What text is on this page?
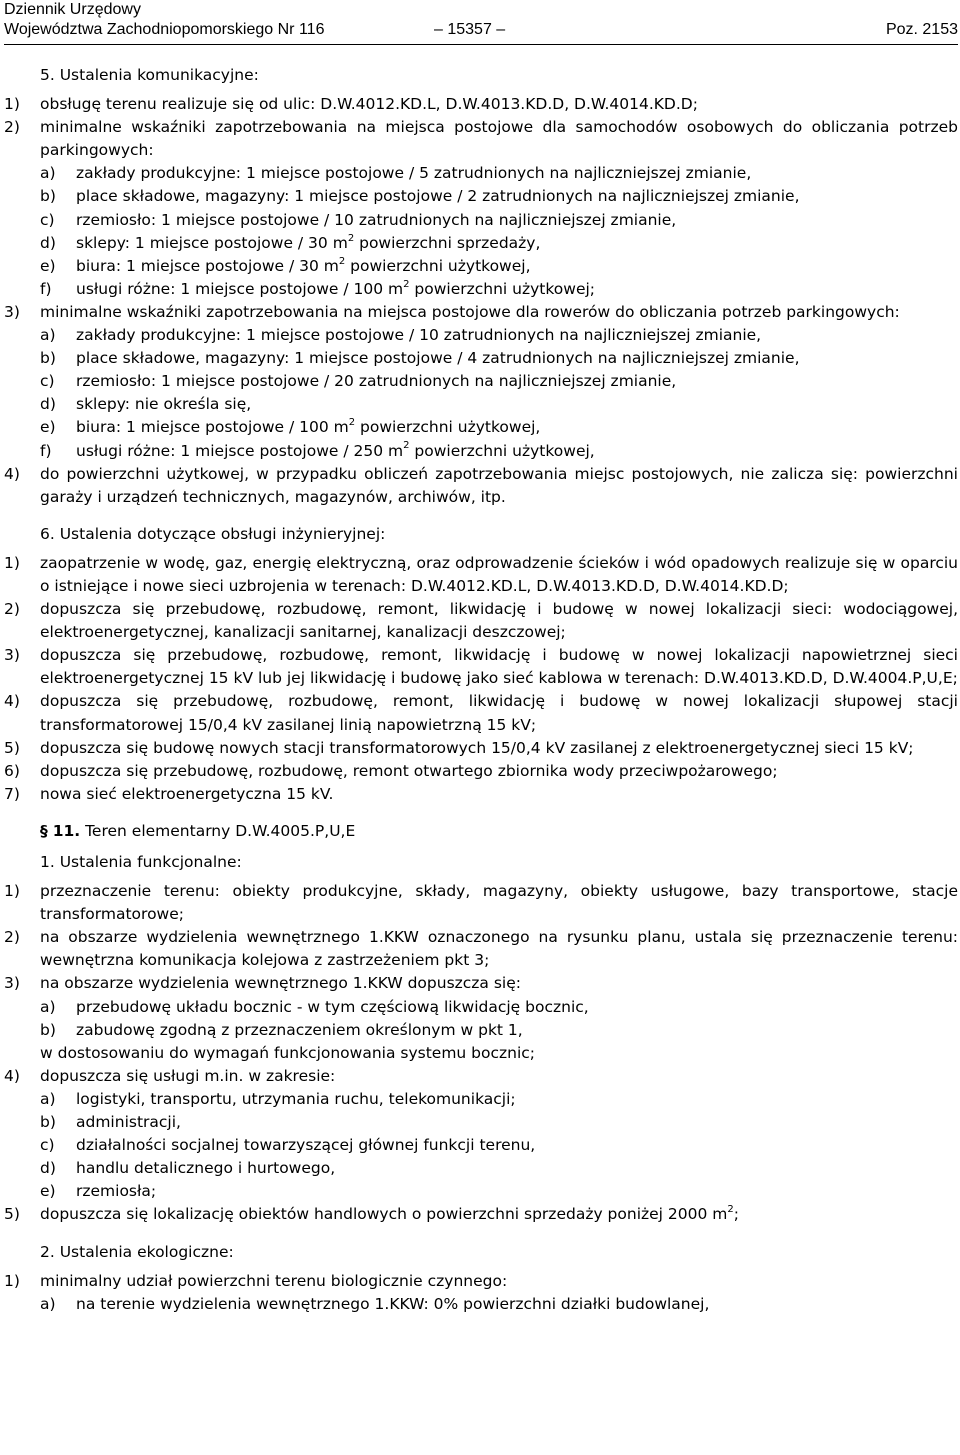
Dziennik Urzędowy
Województwa Zachodniopomorskiego Nr 116	– 15357 –	Poz. 2153
5. Ustalenia komunikacyjne:
1) obsługę terenu realizuje się od ulic: D.W.4012.KD.L, D.W.4013.KD.D, D.W.4014.KD.D;
2) minimalne wskaźniki zapotrzebowania na miejsca postojowe dla samochodów osobowych do obliczania potrzeb parkingowych:
a) zakłady produkcyjne: 1 miejsce postojowe / 5 zatrudnionych na najliczniejszej zmianie,
b) place składowe, magazyny: 1 miejsce postojowe / 2 zatrudnionych na najliczniejszej zmianie,
c) rzemiosło: 1 miejsce postojowe / 10 zatrudnionych na najliczniejszej zmianie,
d) sklepy: 1 miejsce postojowe / 30 $m^2$ powierzchni sprzedaży,
e) biura: 1 miejsce postojowe / 30 $m^2$ powierzchni użytkowej,
f) usługi różne: 1 miejsce postojowe / 100 $m^2$ powierzchni użytkowej;
3) minimalne wskaźniki zapotrzebowania na miejsca postojowe dla rowerów do obliczania potrzeb parkingowych:
a) zakłady produkcyjne: 1 miejsce postojowe / 10 zatrudnionych na najliczniejszej zmianie,
b) place składowe, magazyny: 1 miejsce postojowe / 4 zatrudnionych na najliczniejszej zmianie,
c) rzemiosło: 1 miejsce postojowe / 20 zatrudnionych na najliczniejszej zmianie,
d) sklepy: nie określa się,
e) biura: 1 miejsce postojowe / 100 $m^2$ powierzchni użytkowej,
f) usługi różne: 1 miejsce postojowe / 250 $m^2$ powierzchni użytkowej,
4) do powierzchni użytkowej, w przypadku obliczeń zapotrzebowania miejsc postojowych, nie zalicza się: powierzchni garaży i urządzeń technicznych, magazynów, archiwów, itp.
6. Ustalenia dotyczące obsługi inżynieryjnej:
1) zaopatrzenie w wodę, gaz, energię elektryczną, oraz odprowadzenie ścieków i wód opadowych realizuje się w oparciu o istniejące i nowe sieci uzbrojenia w terenach: D.W.4012.KD.L, D.W.4013.KD.D, D.W.4014.KD.D;
2) dopuszcza się przebudowę, rozbudowę, remont, likwidację i budowę w nowej lokalizacji sieci: wodociągowej, elektroenergetycznej, kanalizacji sanitarnej, kanalizacji deszczowej;
3) dopuszcza się przebudowę, rozbudowę, remont, likwidację i budowę w nowej lokalizacji napowietrznej sieci elektroenergetycznej 15 kV lub jej likwidację i budowę jako sieć kablowa w terenach: D.W.4013.KD.D, D.W.4004.P,U,E;
4) dopuszcza się przebudowę, rozbudowę, remont, likwidację i budowę w nowej lokalizacji słupowej stacji transformatorowej 15/0,4 kV zasilanej linią napowietrzną 15 kV;
5) dopuszcza się budowę nowych stacji transformatorowych 15/0,4 kV zasilanej z elektroenergetycznej sieci 15 kV;
6) dopuszcza się przebudowę, rozbudowę, remont otwartego zbiornika wody przeciwpożarowego;
7) nowa sieć elektroenergetyczna 15 kV.
§ 11. Teren elementarny D.W.4005.P,U,E
1. Ustalenia funkcjonalne:
1) przeznaczenie terenu: obiekty produkcyjne, składy, magazyny, obiekty usługowe, bazy transportowe, stacje transformatorowe;
2) na obszarze wydzielenia wewnętrznego 1.KKW oznaczonego na rysunku planu, ustala się przeznaczenie terenu: wewnętrzna komunikacja kolejowa z zastrzeżeniem pkt 3;
3) na obszarze wydzielenia wewnętrznego 1.KKW dopuszcza się:
a) przebudowę układu bocznic - w tym częściową likwidację bocznic,
b) zabudowę zgodną z przeznaczeniem określonym w pkt 1,
w dostosowaniu do wymagań funkcjonowania systemu bocznic;
4) dopuszcza się usługi m.in. w zakresie:
a) logistyki, transportu, utrzymania ruchu, telekomunikacji;
b) administracji,
c) działalności socjalnej towarzyszącej głównej funkcji terenu,
d) handlu detalicznego i hurtowego,
e) rzemiosła;
5) dopuszcza się lokalizację obiektów handlowych o powierzchni sprzedaży poniżej 2000 $m^2$;
2. Ustalenia ekologiczne:
1) minimalny udział powierzchni terenu biologicznie czynnego:
a) na terenie wydzielenia wewnętrznego 1.KKW: 0% powierzchni działki budowlanej,
